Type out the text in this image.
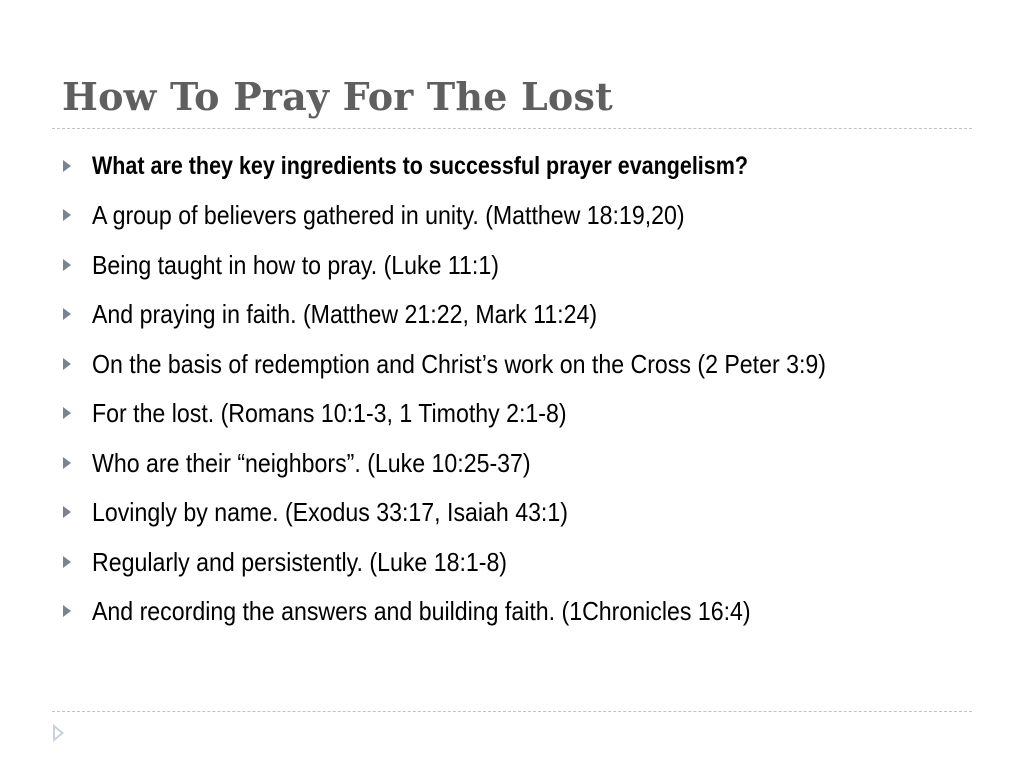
How To Pray For The Lost
What are they key ingredients to successful prayer evangelism?
A group of believers gathered in unity. (Matthew 18:19,20)
Being taught in how to pray. (Luke 11:1)
And praying in faith. (Matthew 21:22, Mark 11:24)
On the basis of redemption and Christ’s work on the Cross (2 Peter 3:9)
For the lost. (Romans 10:1-3, 1 Timothy 2:1-8)
Who are their “neighbors”. (Luke 10:25-37)
Lovingly by name. (Exodus 33:17, Isaiah 43:1)
Regularly and persistently. (Luke 18:1-8)
And recording the answers and building faith. (1Chronicles 16:4)
